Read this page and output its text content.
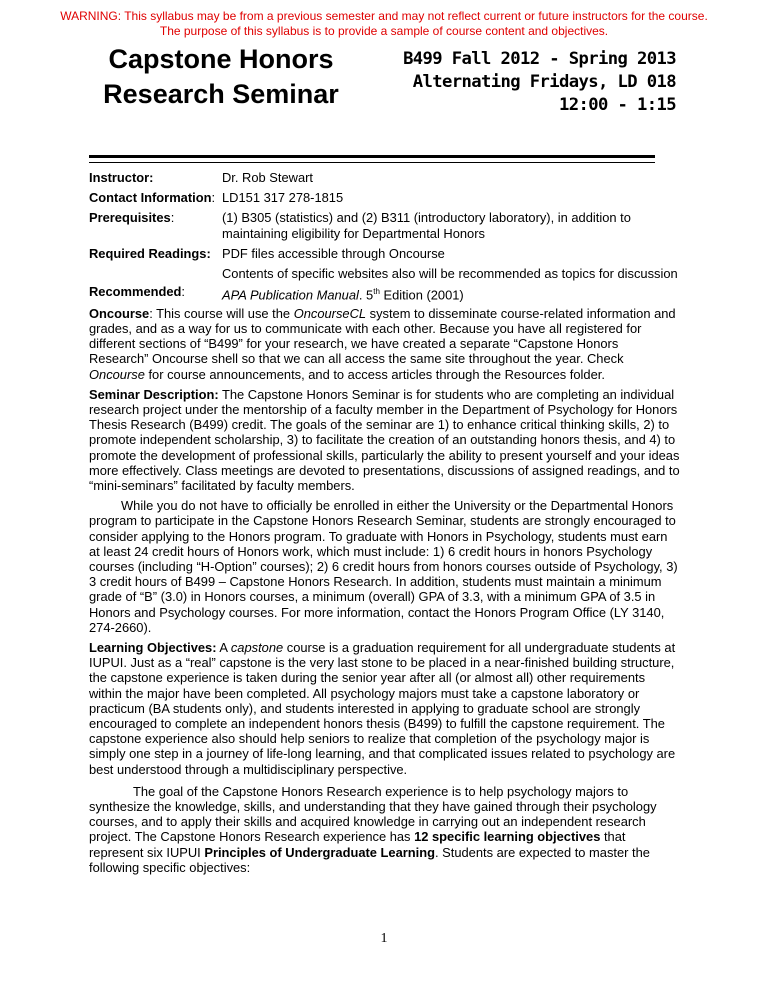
WARNING: This syllabus may be from a previous semester and may not reflect current or future instructors for the course.
The purpose of this syllabus is to provide a sample of course content and objectives.
Capstone Honors
Research Seminar
B499 Fall 2012 - Spring 2013
Alternating Fridays, LD 018
12:00 - 1:15
Instructor:	Dr. Rob Stewart
Contact Information: LD151 317 278-1815
Prerequisites:	(1) B305 (statistics) and (2) B311 (introductory laboratory), in addition to maintaining eligibility for Departmental Honors
Required Readings: PDF files accessible through Oncourse
Contents of specific websites also will be recommended as topics for discussion
Recommended:	APA Publication Manual. 5th Edition (2001)

Oncourse: This course will use the OncourseCL system to disseminate course-related information and grades, and as a way for us to communicate with each other. Because you have all registered for different sections of “B499” for your research, we have created a separate “Capstone Honors Research” Oncourse shell so that we can all access the same site throughout the year. Check Oncourse for course announcements, and to access articles through the Resources folder.

Seminar Description: The Capstone Honors Seminar is for students who are completing an individual research project under the mentorship of a faculty member in the Department of Psychology for Honors Thesis Research (B499) credit. The goals of the seminar are 1) to enhance critical thinking skills, 2) to promote independent scholarship, 3) to facilitate the creation of an outstanding honors thesis, and 4) to promote the development of professional skills, particularly the ability to present yourself and your ideas more effectively. Class meetings are devoted to presentations, discussions of assigned readings, and to “mini-seminars” facilitated by faculty members.

While you do not have to officially be enrolled in either the University or the Departmental Honors program to participate in the Capstone Honors Research Seminar, students are strongly encouraged to consider applying to the Honors program. To graduate with Honors in Psychology, students must earn at least 24 credit hours of Honors work, which must include: 1) 6 credit hours in honors Psychology courses (including “H-Option” courses); 2) 6 credit hours from honors courses outside of Psychology, 3) 3 credit hours of B499 – Capstone Honors Research. In addition, students must maintain a minimum grade of “B” (3.0) in Honors courses, a minimum (overall) GPA of 3.3, with a minimum GPA of 3.5 in Honors and Psychology courses. For more information, contact the Honors Program Office (LY 3140, 274-2660).

Learning Objectives: A capstone course is a graduation requirement for all undergraduate students at IUPUI. Just as a “real” capstone is the very last stone to be placed in a near-finished building structure, the capstone experience is taken during the senior year after all (or almost all) other requirements within the major have been completed. All psychology majors must take a capstone laboratory or practicum (BA students only), and students interested in applying to graduate school are strongly encouraged to complete an independent honors thesis (B499) to fulfill the capstone requirement. The capstone experience also should help seniors to realize that completion of the psychology major is simply one step in a journey of life-long learning, and that complicated issues related to psychology are best understood through a multidisciplinary perspective.

The goal of the Capstone Honors Research experience is to help psychology majors to synthesize the knowledge, skills, and understanding that they have gained through their psychology courses, and to apply their skills and acquired knowledge in carrying out an independent research project. The Capstone Honors Research experience has 12 specific learning objectives that represent six IUPUI Principles of Undergraduate Learning. Students are expected to master the following specific objectives:

1
